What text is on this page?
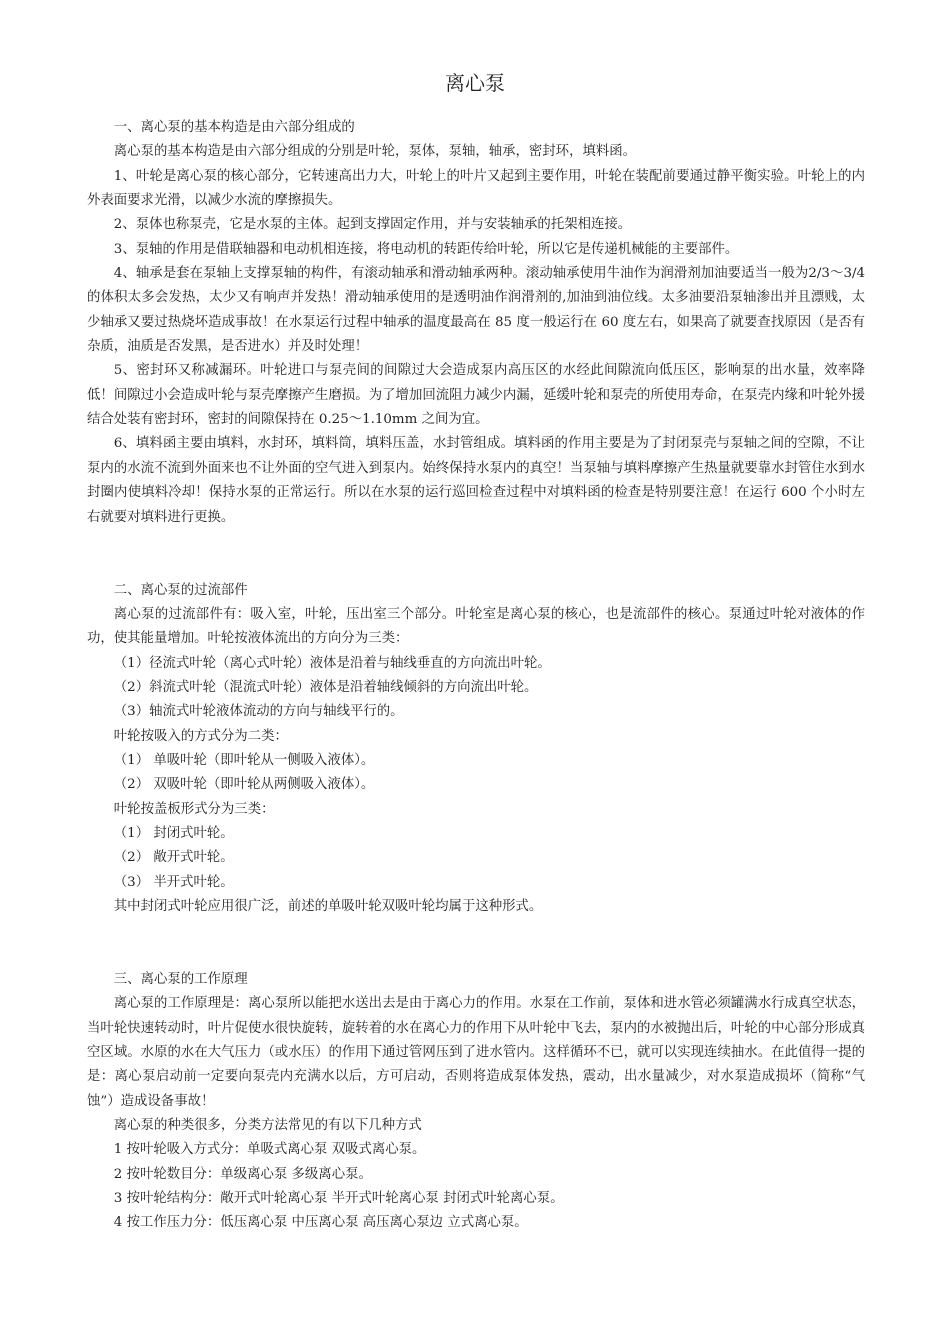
离心泵

一、离心泵的基本构造是由六部分组成的

离心泵的基本构造是由六部分组成的分别是叶轮，泵体，泵轴，轴承，密封环，填料函。

1、叶轮是离心泵的核心部分，它转速高出力大，叶轮上的叶片又起到主要作用，叶轮在装配前要通过静平衡实验。叶轮上的内外表面要求光滑，以减少水流的摩擦损失。

2、泵体也称泵壳，它是水泵的主体。起到支撑固定作用，并与安装轴承的托架相连接。

3、泵轴的作用是借联轴器和电动机相连接，将电动机的转距传给叶轮，所以它是传递机械能的主要部件。

4、轴承是套在泵轴上支撑泵轴的构件，有滚动轴承和滑动轴承两种。滚动轴承使用牛油作为润滑剂加油要适当一般为2/3～3/4 的体积太多会发热，太少又有响声并发热！滑动轴承使用的是透明油作润滑剂的,加油到油位线。太多油要沿泵轴渗出并且漂贱，太少轴承又要过热烧坏造成事故！在水泵运行过程中轴承的温度最高在 85 度一般运行在 60 度左右，如果高了就要查找原因（是否有杂质，油质是否发黑，是否进水）并及时处理！

5、密封环又称减漏环。叶轮进口与泵壳间的间隙过大会造成泵内高压区的水经此间隙流向低压区，影响泵的出水量，效率降低！间隙过小会造成叶轮与泵壳摩擦产生磨损。为了增加回流阻力减少内漏，延缓叶轮和泵壳的所使用寿命，在泵壳内缘和叶轮外援结合处装有密封环，密封的间隙保持在 0.25～1.10mm 之间为宜。

6、填料函主要由填料，水封环，填料筒，填料压盖，水封管组成。填料函的作用主要是为了封闭泵壳与泵轴之间的空隙，不让泵内的水流不流到外面来也不让外面的空气进入到泵内。始终保持水泵内的真空！当泵轴与填料摩擦产生热量就要靠水封管住水到水封圈内使填料冷却！保持水泵的正常运行。所以在水泵的运行巡回检查过程中对填料函的检查是特别要注意！在运行 600 个小时左右就要对填料进行更换。

二、离心泵的过流部件

离心泵的过流部件有：吸入室，叶轮，压出室三个部分。叶轮室是离心泵的核心，也是流部件的核心。泵通过叶轮对液体的作功，使其能量增加。叶轮按液体流出的方向分为三类：

（1）径流式叶轮（离心式叶轮）液体是沿着与轴线垂直的方向流出叶轮。

（2）斜流式叶轮（混流式叶轮）液体是沿着轴线倾斜的方向流出叶轮。

（3）轴流式叶轮液体流动的方向与轴线平行的。

叶轮按吸入的方式分为二类：

（1） 单吸叶轮（即叶轮从一侧吸入液体）。

（2） 双吸叶轮（即叶轮从两侧吸入液体）。

叶轮按盖板形式分为三类：

（1） 封闭式叶轮。

（2） 敞开式叶轮。

（3） 半开式叶轮。

其中封闭式叶轮应用很广泛，前述的单吸叶轮双吸叶轮均属于这种形式。

三、离心泵的工作原理

离心泵的工作原理是：离心泵所以能把水送出去是由于离心力的作用。水泵在工作前，泵体和进水管必须罐满水行成真空状态，当叶轮快速转动时，叶片促使水很快旋转，旋转着的水在离心力的作用下从叶轮中飞去，泵内的水被抛出后，叶轮的中心部分形成真空区域。水原的水在大气压力（或水压）的作用下通过管网压到了进水管内。这样循环不已，就可以实现连续抽水。在此值得一提的是：离心泵启动前一定要向泵壳内充满水以后，方可启动，否则将造成泵体发热，震动，出水量减少，对水泵造成损坏（简称“气蚀”）造成设备事故！

离心泵的种类很多，分类方法常见的有以下几种方式

1 按叶轮吸入方式分：单吸式离心泵 双吸式离心泵。

2 按叶轮数目分：单级离心泵 多级离心泵。

3 按叶轮结构分：敞开式叶轮离心泵 半开式叶轮离心泵 封闭式叶轮离心泵。

4 按工作压力分：低压离心泵 中压离心泵 高压离心泵边 立式离心泵。
